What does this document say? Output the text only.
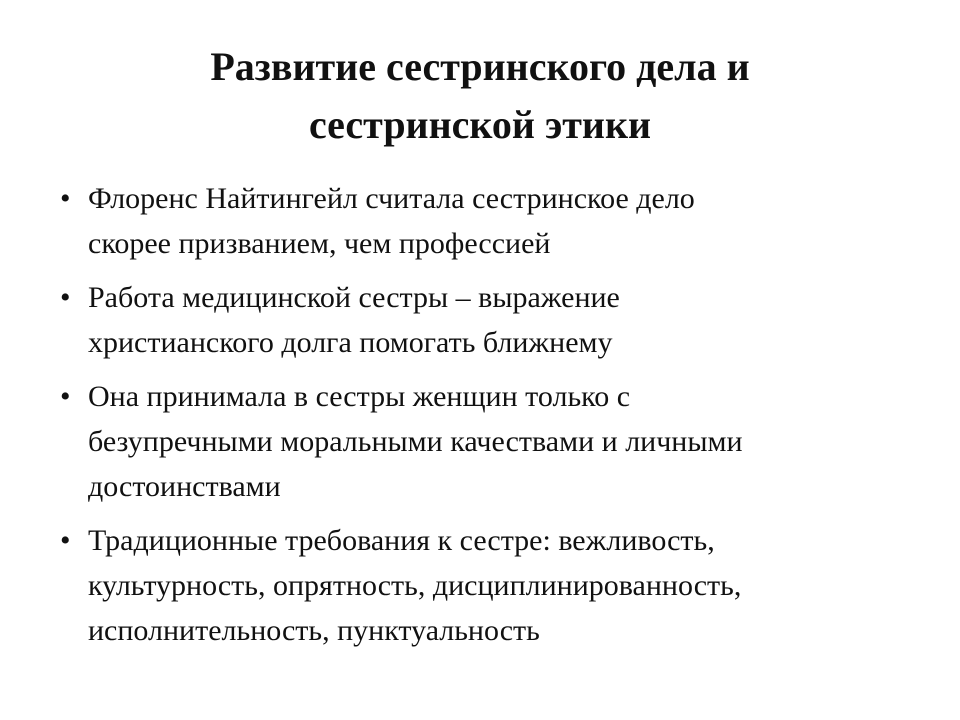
Развитие сестринского дела и
сестринской этики
• Флоренс Найтингейл считала сестринское дело
скорее призванием, чем профессией
• Работа медицинской сестры – выражение
христианского долга помогать ближнему
• Она принимала в сестры женщин только с
безупречными моральными качествами и личными
достоинствами
• Традиционные требования к сестре: вежливость,
культурность, опрятность, дисциплинированность,
исполнительность, пунктуальность
